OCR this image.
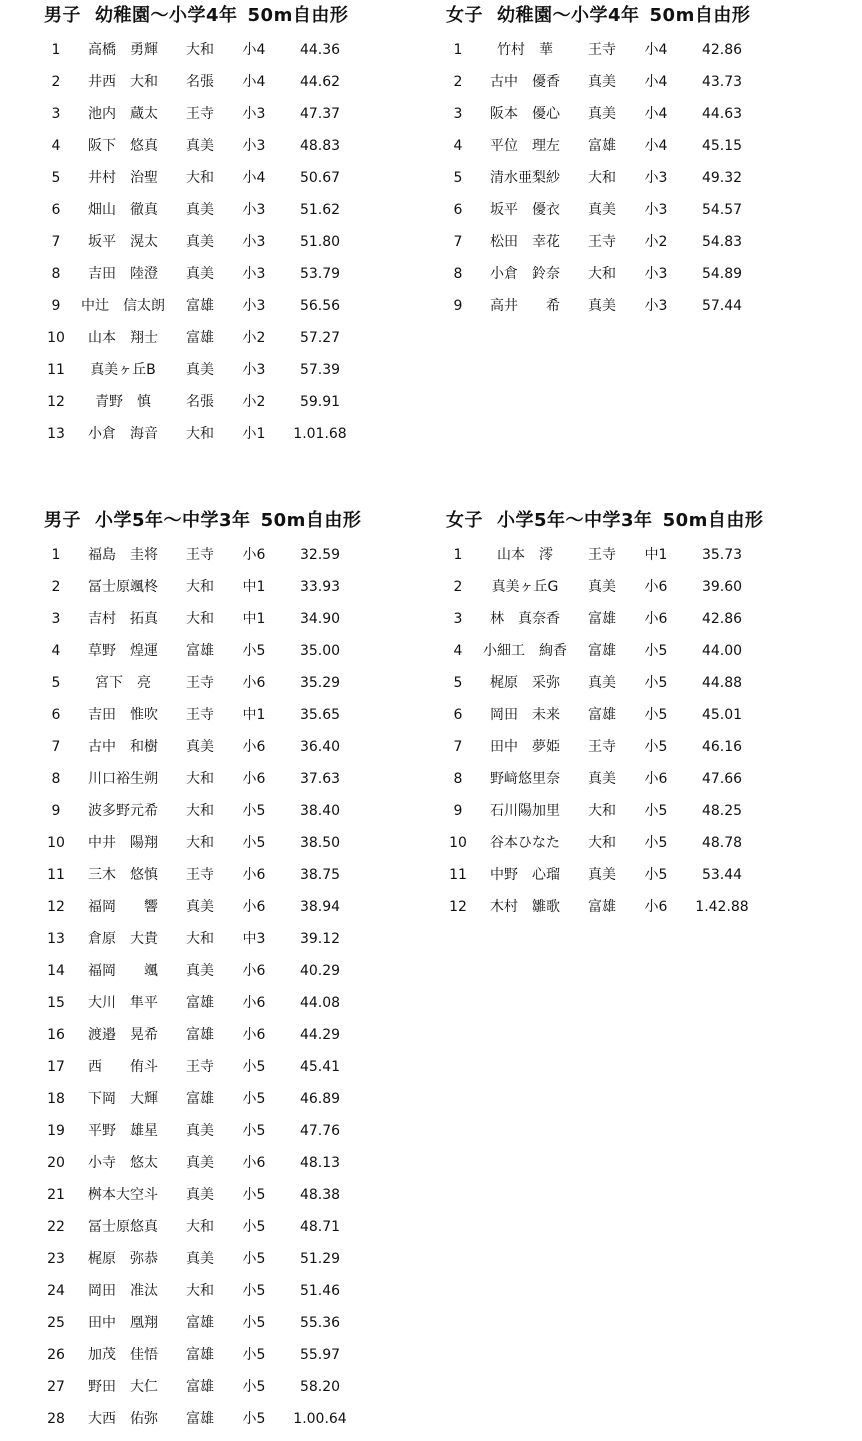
男子 幼稚園～小学4年 50m自由形
1	高橋　勇輝	大和	小4	44.36
2	井西　大和	名張	小4	44.62
3	池内　蔵太	王寺	小3	47.37
4	阪下　悠真	真美	小3	48.83
5	井村　治聖	大和	小4	50.67
6	畑山　徹真	真美	小3	51.62
7	坂平　滉太	真美	小3	51.80
8	吉田　陸澄	真美	小3	53.79
9	中辻　信太朗	富雄	小3	56.56
10	山本　翔士	富雄	小2	57.27
11	真美ヶ丘B	真美	小3	57.39
12	青野　慎	名張	小2	59.91
13	小倉　海音	大和	小1	1.01.68
女子 幼稚園～小学4年 50m自由形
1	竹村　華	王寺	小4	42.86
2	古中　優香	真美	小4	43.73
3	阪本　優心	真美	小4	44.63
4	平位　理左	富雄	小4	45.15
5	清水亜梨紗	大和	小3	49.32
6	坂平　優衣	真美	小3	54.57
7	松田　幸花	王寺	小2	54.83
8	小倉　鈴奈	大和	小3	54.89
9	高井　　希	真美	小3	57.44
男子 小学5年～中学3年 50m自由形
1	福島　圭将	王寺	小6	32.59
2	冨士原颯柊	大和	中1	33.93
3	吉村　拓真	大和	中1	34.90
4	草野　煌運	富雄	小5	35.00
5	宮下　亮	王寺	小6	35.29
6	吉田　惟吹	王寺	中1	35.65
7	古中　和樹	真美	小6	36.40
8	川口裕生朔	大和	小6	37.63
9	波多野元希	大和	小5	38.40
10	中井　陽翔	大和	小5	38.50
11	三木　悠慎	王寺	小6	38.75
12	福岡　　響	真美	小6	38.94
13	倉原　大貴	大和	中3	39.12
14	福岡　　颯	真美	小6	40.29
15	大川　隼平	富雄	小6	44.08
16	渡邉　晃希	富雄	小6	44.29
17	西　　侑斗	王寺	小5	45.41
18	下岡　大輝	富雄	小5	46.89
19	平野　雄星	真美	小5	47.76
20	小寺　悠太	真美	小6	48.13
21	桝本大空斗	真美	小5	48.38
22	冨士原悠真	大和	小5	48.71
23	梶原　弥恭	真美	小5	51.29
24	岡田　准汰	大和	小5	51.46
25	田中　凰翔	富雄	小5	55.36
26	加茂　佳悟	富雄	小5	55.97
27	野田　大仁	富雄	小5	58.20
28	大西　佑弥	富雄	小5	1.00.64
女子 小学5年～中学3年 50m自由形
1	山本　澪	王寺	中1	35.73
2	真美ヶ丘G	真美	小6	39.60
3	林　真奈香	富雄	小6	42.86
4	小細工　絢香	富雄	小5	44.00
5	梶原　采弥	真美	小5	44.88
6	岡田　未来	富雄	小5	45.01
7	田中　夢姫	王寺	小5	46.16
8	野﨑悠里奈	真美	小6	47.66
9	石川陽加里	大和	小5	48.25
10	谷本ひなた	大和	小5	48.78
11	中野　心瑠	真美	小5	53.44
12	木村　雛歌	富雄	小6	1.42.88
